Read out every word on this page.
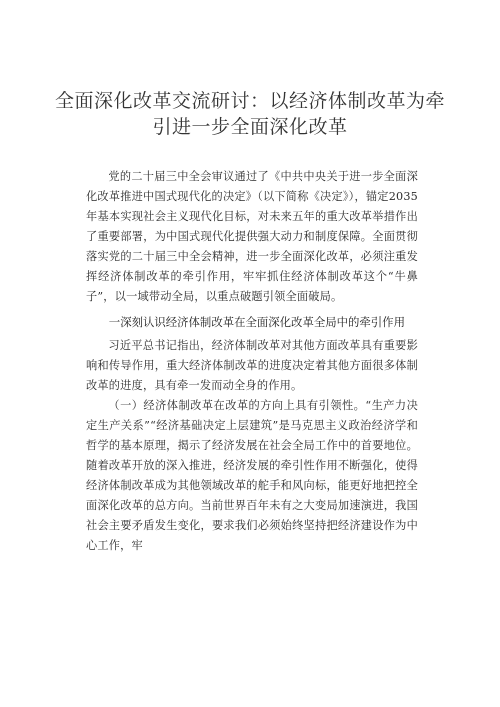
全面深化改革交流研讨：以经济体制改革为牵引进一步全面深化改革

党的二十届三中全会审议通过了《中共中央关于进一步全面深化改革推进中国式现代化的决定》（以下简称《决定》），锚定2035年基本实现社会主义现代化目标，对未来五年的重大改革举措作出了重要部署，为中国式现代化提供强大动力和制度保障。全面贯彻落实党的二十届三中全会精神，进一步全面深化改革，必须注重发挥经济体制改革的牵引作用，牢牢抓住经济体制改革这个“牛鼻子”，以一域带动全局，以重点破题引领全面破局。

一深刻认识经济体制改革在全面深化改革全局中的牵引作用

习近平总书记指出，经济体制改革对其他方面改革具有重要影响和传导作用，重大经济体制改革的进度决定着其他方面很多体制改革的进度，具有牵一发而动全身的作用。

（一）经济体制改革在改革的方向上具有引领性。“生产力决定生产关系”“经济基础决定上层建筑”是马克思主义政治经济学和哲学的基本原理，揭示了经济发展在社会全局工作中的首要地位。随着改革开放的深入推进，经济发展的牵引性作用不断强化，使得经济体制改革成为其他领域改革的舵手和风向标，能更好地把控全面深化改革的总方向。当前世界百年未有之大变局加速演进，我国社会主要矛盾发生变化，要求我们必须始终坚持把经济建设作为中心工作，牢
